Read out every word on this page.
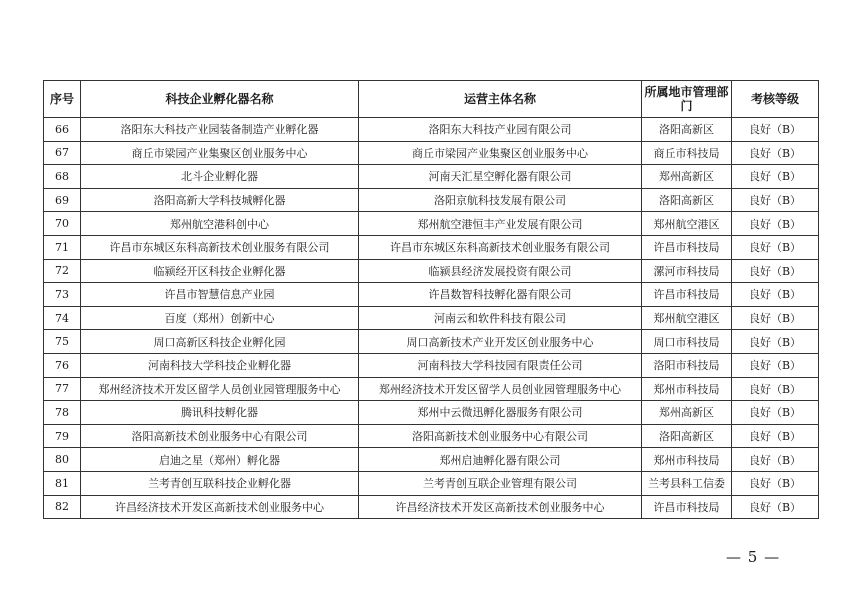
序号	科技企业孵化器名称	运营主体名称	所属地市管理部门	考核等级
66	洛阳东大科技产业园装备制造产业孵化器	洛阳东大科技产业园有限公司	洛阳高新区	良好（B）
67	商丘市梁园产业集聚区创业服务中心	商丘市梁园产业集聚区创业服务中心	商丘市科技局	良好（B）
68	北斗企业孵化器	河南天汇星空孵化器有限公司	郑州高新区	良好（B）
69	洛阳高新大学科技城孵化器	洛阳京航科技发展有限公司	洛阳高新区	良好（B）
70	郑州航空港科创中心	郑州航空港恒丰产业发展有限公司	郑州航空港区	良好（B）
71	许昌市东城区东科高新技术创业服务有限公司	许昌市东城区东科高新技术创业服务有限公司	许昌市科技局	良好（B）
72	临颍经开区科技企业孵化器	临颍县经济发展投资有限公司	漯河市科技局	良好（B）
73	许昌市智慧信息产业园	许昌数智科技孵化器有限公司	许昌市科技局	良好（B）
74	百度（郑州）创新中心	河南云和软件科技有限公司	郑州航空港区	良好（B）
75	周口高新区科技企业孵化园	周口高新技术产业开发区创业服务中心	周口市科技局	良好（B）
76	河南科技大学科技企业孵化器	河南科技大学科技园有限责任公司	洛阳市科技局	良好（B）
77	郑州经济技术开发区留学人员创业园管理服务中心	郑州经济技术开发区留学人员创业园管理服务中心	郑州市科技局	良好（B）
78	腾讯科技孵化器	郑州中云微迅孵化器服务有限公司	郑州高新区	良好（B）
79	洛阳高新技术创业服务中心有限公司	洛阳高新技术创业服务中心有限公司	洛阳高新区	良好（B）
80	启迪之星（郑州）孵化器	郑州启迪孵化器有限公司	郑州市科技局	良好（B）
81	兰考青创互联科技企业孵化器	兰考青创互联企业管理有限公司	兰考县科工信委	良好（B）
82	许昌经济技术开发区高新技术创业服务中心	许昌经济技术开发区高新技术创业服务中心	许昌市科技局	良好（B）
— 5 —
